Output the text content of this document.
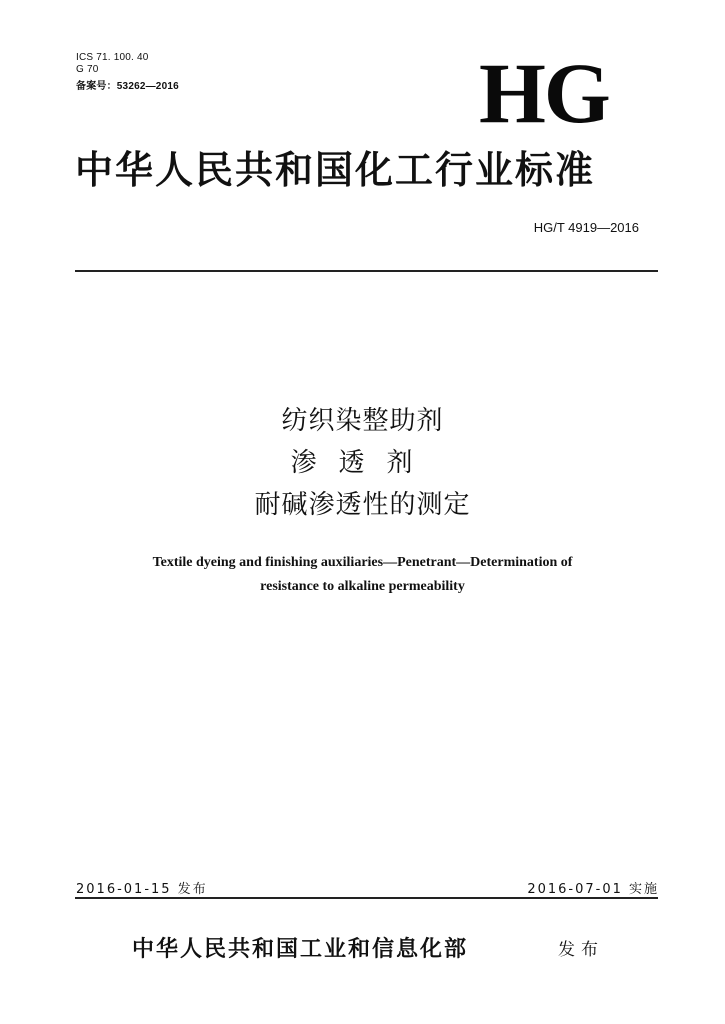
ICS 71. 100. 40
G 70
备案号：53262—2016	HG
中华人民共和国化工行业标准
HG/T 4919—2016
纺织染整助剂
渗透剂
耐碱渗透性的测定
Textile dyeing and finishing auxiliaries—Penetrant—Determination of
resistance to alkaline permeability
2016-01-15 发布	2016-07-01 实施
中华人民共和国工业和信息化部	发布
